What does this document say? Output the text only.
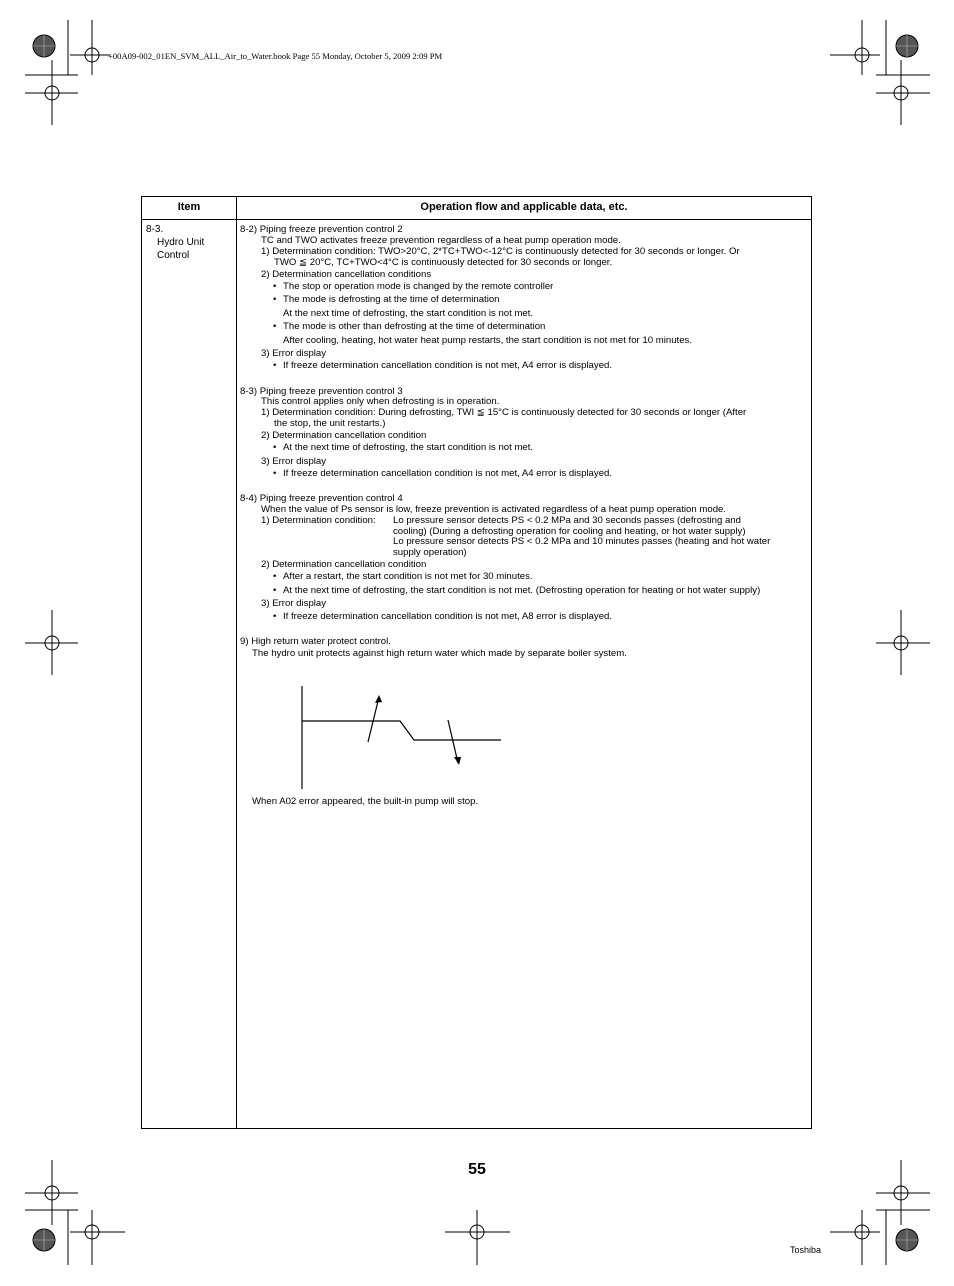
+00A09-002_01EN_SVM_ALL_Air_to_Water.book Page 55 Monday, October 5, 2009 2:09 PM
Item	Operation flow and applicable data, etc.
8-3.
Hydro Unit
Control
8-2) Piping freeze prevention control 2
TC and TWO activates freeze prevention regardless of a heat pump operation mode.
1) Determination condition: TWO>20°C, 2*TC+TWO<-12°C is continuously detected for 30 seconds or longer. Or
TWO ≦ 20°C, TC+TWO<4°C is continuously detected for 30 seconds or longer.
2) Determination cancellation conditions
• The stop or operation mode is changed by the remote controller
• The mode is defrosting at the time of determination
At the next time of defrosting, the start condition is not met.
• The mode is other than defrosting at the time of determination
After cooling, heating, hot water heat pump restarts, the start condition is not met for 10 minutes.
3) Error display
• If freeze determination cancellation condition is not met, A4 error is displayed.
8-3) Piping freeze prevention control 3
This control applies only when defrosting is in operation.
1) Determination condition: During defrosting, TWI ≦ 15°C is continuously detected for 30 seconds or longer (After
the stop, the unit restarts.)
2) Determination cancellation condition
• At the next time of defrosting, the start condition is not met.
3) Error display
• If freeze determination cancellation condition is not met, A4 error is displayed.
8-4) Piping freeze prevention control 4
When the value of Ps sensor is low, freeze prevention is activated regardless of a heat pump operation mode.
1) Determination condition: Lo pressure sensor detects PS < 0.2 MPa and 30 seconds passes (defrosting and
cooling) (During a defrosting operation for cooling and heating, or hot water supply)
Lo pressure sensor detects PS < 0.2 MPa and 10 minutes passes (heating and hot water
supply operation)
2) Determination cancellation condition
• After a restart, the start condition is not met for 30 minutes.
• At the next time of defrosting, the start condition is not met. (Defrosting operation for heating or hot water supply)
3) Error display
• If freeze determination cancellation condition is not met, A8 error is displayed.
9) High return water protect control.
The hydro unit protects against high return water which made by separate boiler system.
When A02 error appeared, the built-in pump will stop.
55
Toshiba
